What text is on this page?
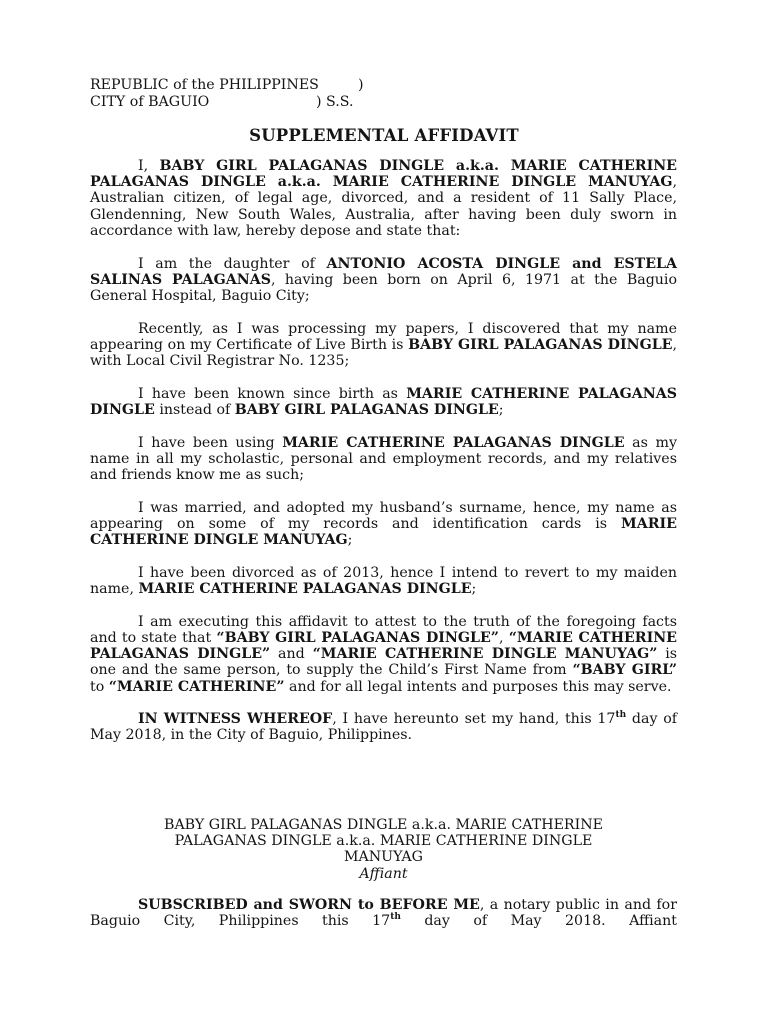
REPUBLIC of the PHILIPPINES	)
CITY of BAGUIO	) S.S.
SUPPLEMENTAL AFFIDAVIT

I, BABY GIRL PALAGANAS DINGLE a.k.a. MARIE CATHERINE PALAGANAS DINGLE a.k.a. MARIE CATHERINE DINGLE MANUYAG, Australian citizen, of legal age, divorced, and a resident of 11 Sally Place, Glendenning, New South Wales, Australia, after having been duly sworn in accordance with law, hereby depose and state that:

I am the daughter of ANTONIO ACOSTA DINGLE and ESTELA SALINAS PALAGANAS, having been born on April 6, 1971 at the Baguio General Hospital, Baguio City;

Recently, as I was processing my papers, I discovered that my name appearing on my Certificate of Live Birth is BABY GIRL PALAGANAS DINGLE, with Local Civil Registrar No. 1235;

I have been known since birth as MARIE CATHERINE PALAGANAS DINGLE instead of BABY GIRL PALAGANAS DINGLE;

I have been using MARIE CATHERINE PALAGANAS DINGLE as my name in all my scholastic, personal and employment records, and my relatives and friends know me as such;

I was married, and adopted my husband’s surname, hence, my name as appearing on some of my records and identification cards is MARIE CATHERINE DINGLE MANUYAG;

I have been divorced as of 2013, hence I intend to revert to my maiden name, MARIE CATHERINE PALAGANAS DINGLE;

I am executing this affidavit to attest to the truth of the foregoing facts and to state that “BABY GIRL PALAGANAS DINGLE”, “MARIE CATHERINE PALAGANAS DINGLE” and “MARIE CATHERINE DINGLE MANUYAG” is one and the same person, to supply the Child’s First Name from “BABY GIRL” to “MARIE CATHERINE” and for all legal intents and purposes this may serve.

IN WITNESS WHEREOF, I have hereunto set my hand, this 17th day of May 2018, in the City of Baguio, Philippines.

BABY GIRL PALAGANAS DINGLE a.k.a. MARIE CATHERINE
PALAGANAS DINGLE a.k.a. MARIE CATHERINE DINGLE
MANUYAG
Affiant

SUBSCRIBED and SWORN to BEFORE ME, a notary public in and for Baguio City, Philippines this 17th day of May 2018. Affiant
